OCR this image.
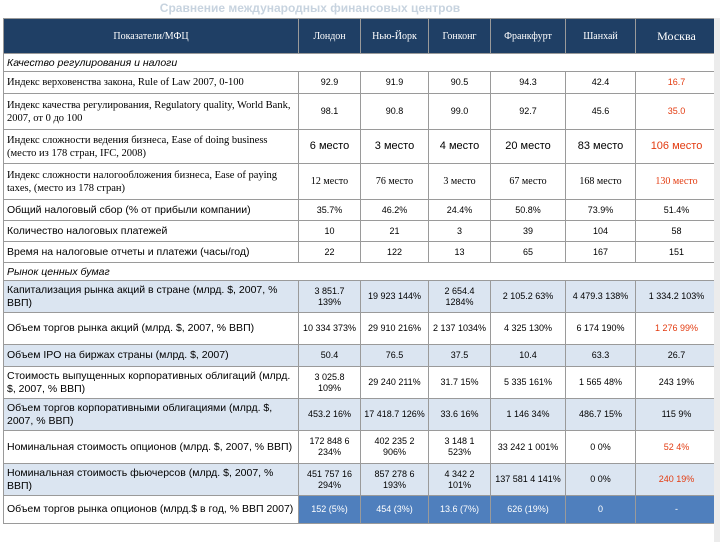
Сравнение международных финансовых центров
Показатели/МФЦ	Лондон	Нью-Йорк	Гонконг	Франкфурт	Шанхай	Москва
Качество регулирования и налоги						
Индекс верховенства закона, Rule of Law 2007, 0-100	92.9	91.9	90.5	94.3	42.4	16.7
Индекс качества регулирования, Regulatory quality, World Bank, 2007, от 0 до 100	98.1	90.8	99.0	92.7	45.6	35.0
Индекс сложности ведения бизнеса, Ease of doing business (место из 178 стран, IFC, 2008)	6 место	3 место	4 место	20 место	83 место	106 место
Индекс сложности налогообложения бизнеса, Ease of paying taxes, (место из 178 стран)	12 место	76 место	3 место	67 место	168 место	130 место
Общий налоговый сбор (% от прибыли компании)	35.7%	46.2%	24.4%	50.8%	73.9%	51.4%
Количество налоговых платежей	10	21	3	39	104	58
Время на налоговые отчеты и платежи (часы/год)	22	122	13	65	167	151
Рынок ценных бумаг						
Капитализация рынка акций в стране (млрд. $, 2007, % ВВП)	3 851.7 139%	19 923 144%	2 654.4 1284%	2 105.2 63%	4 479.3 138%	1 334.2 103%
Объем торгов рынка акций (млрд. $, 2007, % ВВП)	10 334 373%	29 910 216%	2 137 1034%	4 325 130%	6 174 190%	1 276 99%
Объем IPO на биржах страны (млрд. $, 2007)	50.4	76.5	37.5	10.4	63.3	26.7
Стоимость выпущенных корпоративных облигаций (млрд. $, 2007, % ВВП)	3 025.8 109%	29 240 211%	31.7 15%	5 335 161%	1 565 48%	243 19%
Объем торгов корпоративными облигациями (млрд. $, 2007, % ВВП)	453.2 16%	17 418.7 126%	33.6 16%	1 146 34%	486.7 15%	115 9%
Номинальная стоимость опционов (млрд. $, 2007, % ВВП)	172 848 6 234%	402 235 2 906%	3 148 1 523%	33 242 1 001%	0 0%	52 4%
Номинальная стоимость фьючерсов (млрд. $, 2007, % ВВП)	451 757 16 294%	857 278 6 193%	4 342 2 101%	137 581 4 141%	0 0%	240 19%
Объем торгов рынка опционов (млрд.$ в год, % ВВП 2007)	152 (5%)	454 (3%)	13.6 (7%)	626 (19%)	0	-
